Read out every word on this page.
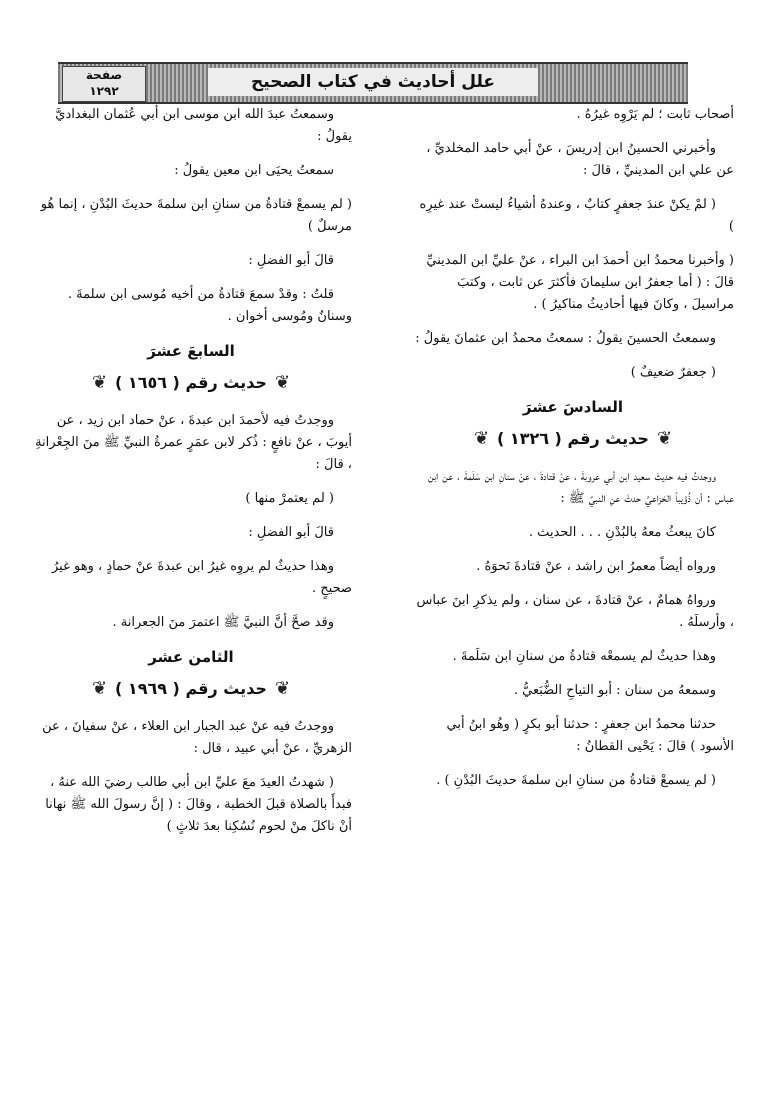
صفحة
١٢٩٢	علل أحاديث في كتاب الصحيح
أصحاب ثابت ؛ لم يَرْوِه غيرُهُ .
وأخبرني الحسينُ ابن إدريسَ ، عنْ أبي حامد المخلديِّ ، عن علي ابن المدينيِّ ، قالَ :
( لمْ يكنْ عندَ جعفرٍ كتابٌ ، وعندهُ أشياءُ ليستْ عند غيرِه )
( وأخبرنا محمدُ ابن أحمدَ ابن البراء ، عنْ عليِّ ابن المدينيِّ قالَ : ( أما جعفرُ ابن سليمانَ فأكثرَ عن ثابت ، وكتبَ مراسيلَ ، وكانَ فيها أحاديثُ مناكيرُ ) .
وسمعتُ الحسينَ يقولُ : سمعتُ محمدُ ابن عثمانَ يقولُ :
( جعفرٌ ضعيفٌ )
السادسَ عشرَ
❦
حديث رقم ( ١٣٢٦ )
❦
ووجدتُ فيه حديثَ سعيد ابن أبي عروبةَ ، عنْ قتادةَ ، عنْ سنانِ ابن سَلَمةَ ، عن ابن عباس : أن ذُؤيباً الخزاعيَّ حدثَ عنِ النبيِّ ﷺ :
كانَ يبعثُ معهُ بالبُدْنِ . . . الحديث .
ورواه أيضاً معمرُ ابن راشد ، عنْ قتادةَ نَحوَهُ .
ورواهُ همامٌ ، عنْ قتادةَ ، عن سنان ، ولم يذكرِ ابنَ عباس ، وأرسلَهُ .
وهذا حديثٌ لم يسمعْه قتادةُ من سنانِ ابن سَلَمةَ .
وسمعهُ من سنان : أبو التياحِ الضُّبَعيُّ .
حدثنا محمدُ ابن جعفرٍ : حدثنا أبو بكرٍ ( وهُو ابنُ أبي الأسود ) قالَ : يَحْيى القطانُ :
( لم يسمعْ قتادةُ من سنانِ ابن سلمةَ حديثَ البُدْنِ ) .
وسمعتُ عبدَ الله ابن موسى ابن أبي عُثمان البغداديَّ يقولُ :
سمعتُ يحيَى ابن معين يقولُ :
( لم يسمعْ قتادةُ من سنانِ ابن سلمةَ حديثَ البُدْنِ ، إنما هُو مرسلٌ )
قالَ أبو الفضلِ :
قلتُ : وقدْ سمعَ قتادةُ من أخيه مُوسى ابن سلمةَ . وسنانٌ ومُوسى أخوان .
السابعَ عشرَ
❦
حديث رقم ( ١٦٥٦ )
❦
ووجدتُ فيه لأحمدَ ابن عبدةَ ، عنْ حماد ابن زيد ، عن أيوبَ ، عنْ نافعٍ : ذُكر لابن عمَرٍ عمرةُ النبيِّ ﷺ منَ الجِعْرانةِ ، قالَ :
( لم يعتمرْ منها )
قالَ أبو الفضلِ :
وهذا حديثٌ لم يروِه غيرُ ابن عبدةَ عنْ حمادٍ ، وهو غيرُ صحيحٍ .
وقد صحَّ أنَّ النبيَّ ﷺ اعتمرَ منَ الجعرانة .
الثامن عشر
❦
حديث رقم ( ١٩٦٩ )
❦
ووجدتُ فيه عنْ عبد الجبار ابن العلاء ، عنْ سفيانَ ، عن الزهريِّ ، عنْ أبي عبيد ، قال :
( شهدتُ العيدَ معَ عليِّ ابن أبي طالب رضيَ الله عنهُ ، فبدأَ بالصلاة قبلَ الخطبة ، وقالَ : ( إنَّ رسولَ الله ﷺ نهانا أنْ ناكلَ منْ لحوم نُسُكِنا بعدَ ثلاثٍ )
